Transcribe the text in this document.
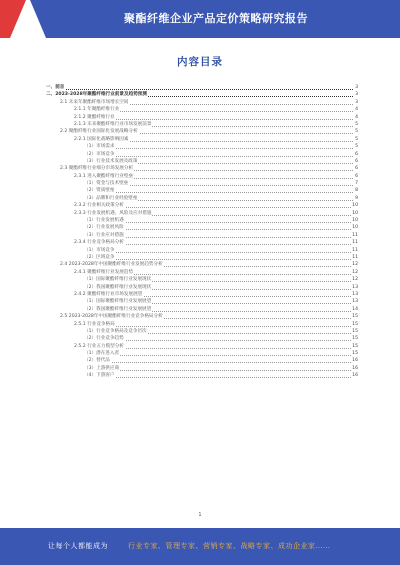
聚酯纤维企业产品定价策略研究报告
内容目录
一、前言	3
二、2023-2028年聚酯纤维行业前景及趋势预测	3
2.1 未来年聚酯纤维市场增长空间	3
2.1.1 年聚酯纤维行业	4
2.1.2 聚酯纤维行业	4
2.1.3 未来聚酯纤维行业市场发展前景	5
2.2 聚酯纤维行业国际化发展战略分析	5
2.2.1 国际化战略影响因素	5
（1）市场需求	5
（2）市场竞争	6
（3）行业技术发展及政策	6
2.3 聚酯纤维行业细分市场发展分析	6
2.3.1 进入聚酯纤维行业壁垒	6
（1）资金与技术壁垒	7
（2）资质壁垒	8
（3）品牌和行业经验壁垒	9
2.3.2 行业相关政策分析	10
2.3.3 行业发展机遇、风险及应对措施	10
（1）行业发展机遇	10
（2）行业发展风险	10
（3）行业应对措施	11
2.3.4 行业竞争格局分析	11
（1）市场竞争	11
（2）区域竞争	11
2.4 2023-2028年中国聚酯纤维行业发展趋势分析	12
2.4.1 聚酯纤维行业发展趋势	12
（1）国际聚酯纤维行业发展现状	12
（2）我国聚酯纤维行业发展现状	13
2.4.2 聚酯纤维行业市场发展展望	13
（1）国际聚酯纤维行业发展展望	13
（2）我国聚酯纤维行业发展展望	14
2.5 2023-2028年中国聚酯纤维行业竞争格局分析	15
2.5.1 行业竞争格局	15
（1）行业竞争格局及竞争层次	15
（2）行业竞争趋势	15
2.5.2 行业五力模型分析	15
（1）潜在进入者	15
（2）替代品	16
（3）上游供应商	16
（4）下游客户	16
1
让每个人都能成为	行业专家、管理专家、营销专家、战略专家、成功企业家……
